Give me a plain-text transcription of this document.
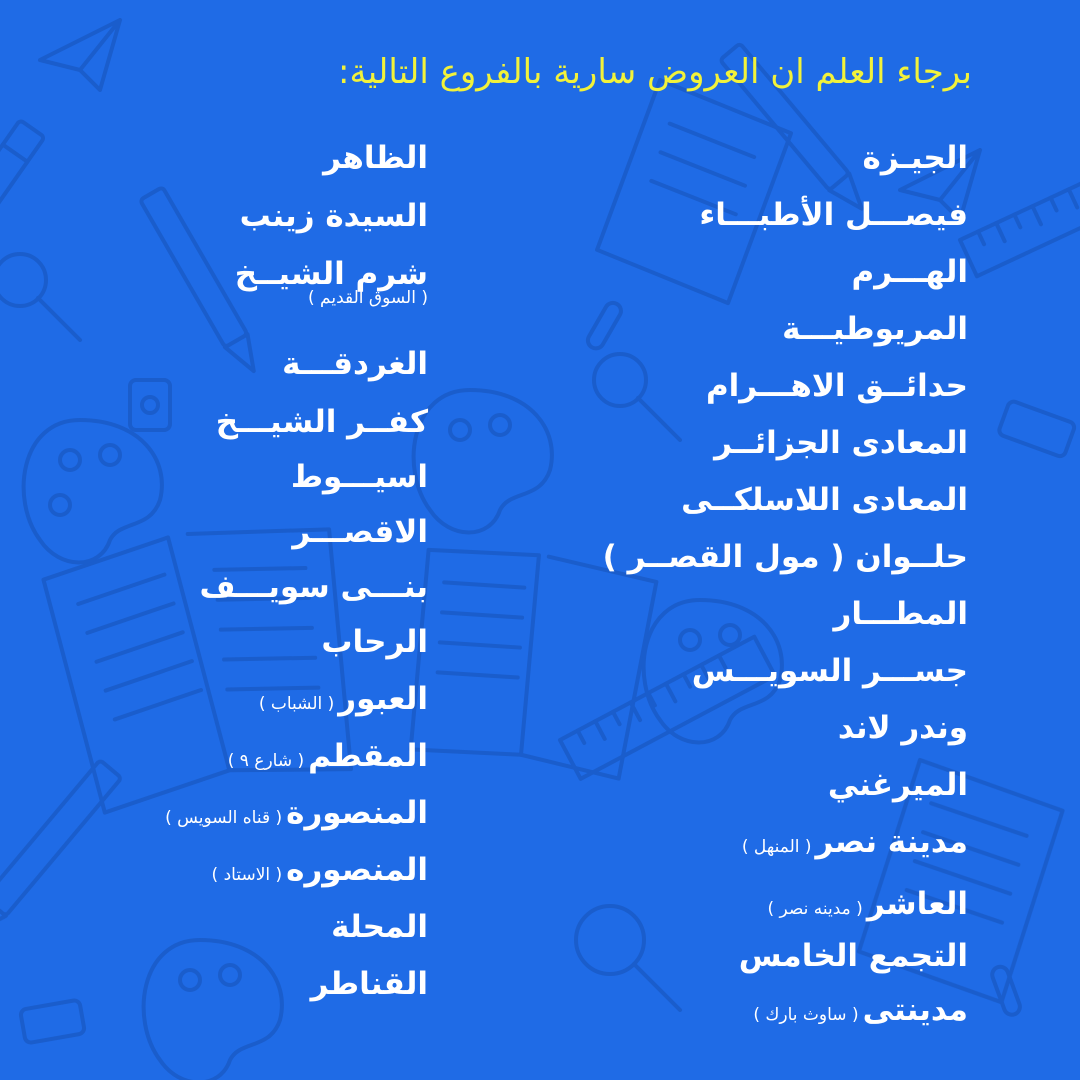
برجاء العلم ان العروض سارية بالفروع التالية:
الجيـزة
فيصـــل الأطبـــاء
الهـــرم
المريوطيـــة
حدائــق الاهـــرام
المعادى الجزائــر
المعادى اللاسلكــى
حلــوان ( مول القصــر )
المطـــار
جســـر السويـــس
وندر لاند
الميرغني
مدينة نصر( المنهل )
العاشر( مدينه نصر )
التجمع الخامس
مدينتى( ساوث بارك )
الظاهر
السيدة زينب
شرم الشيــخ
( السوق القديم )
الغردقـــة
كفــر الشيـــخ
اسيـــوط
الاقصـــر
بنـــى سويـــف
الرحاب
العبور( الشباب )
المقطم( شارع ٩ )
المنصورة( قناه السويس )
المنصوره( الاستاد )
المحلة
القناطر
